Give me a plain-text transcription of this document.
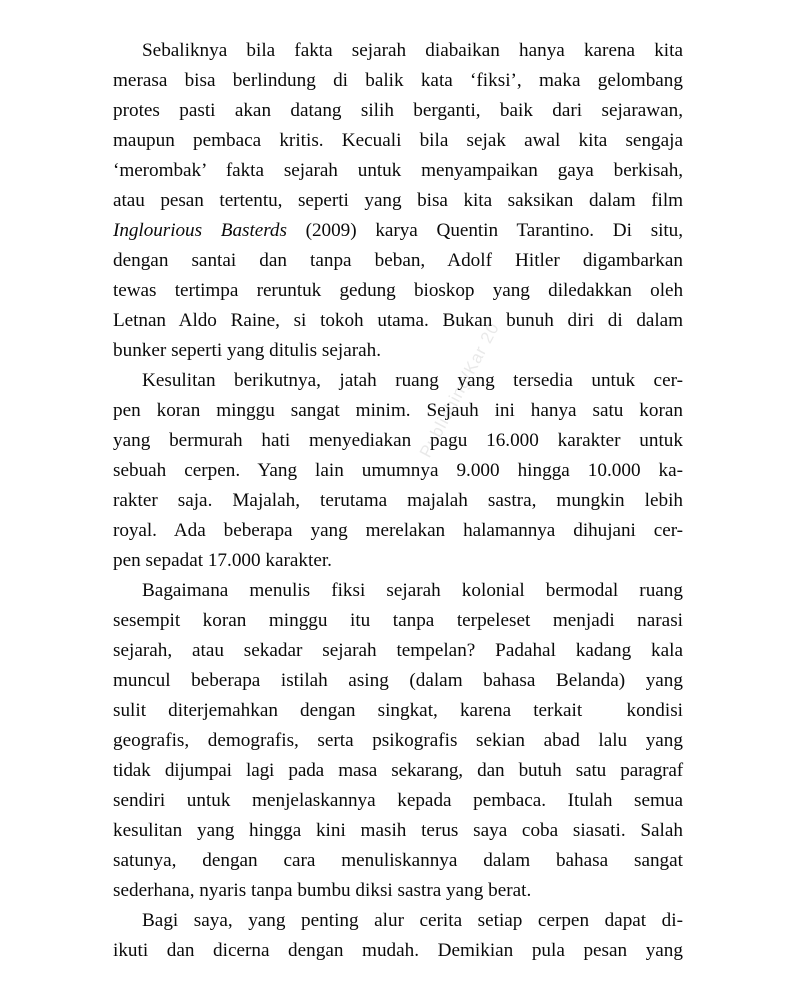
Publishing/Kar 20

Sebaliknya bila fakta sejarah diabaikan hanya karena kita
merasa bisa berlindung di balik kata ‘fiksi’, maka gelombang
protes pasti akan datang silih berganti, baik dari sejarawan,
maupun pembaca kritis. Kecuali bila sejak awal kita sengaja
‘merombak’ fakta sejarah untuk menyampaikan gaya berkisah,
atau pesan tertentu, seperti yang bisa kita saksikan dalam film
Inglourious Basterds (2009) karya Quentin Tarantino. Di situ,
dengan santai dan tanpa beban, Adolf Hitler digambarkan
tewas tertimpa reruntuk gedung bioskop yang diledakkan oleh
Letnan Aldo Raine, si tokoh utama. Bukan bunuh diri di dalam
bunker seperti yang ditulis sejarah.

Kesulitan berikutnya, jatah ruang yang tersedia untuk cer-
pen koran minggu sangat minim. Sejauh ini hanya satu koran
yang bermurah hati menyediakan pagu 16.000 karakter untuk
sebuah cerpen. Yang lain umumnya 9.000 hingga 10.000 ka-
rakter saja. Majalah, terutama majalah sastra, mungkin lebih
royal. Ada beberapa yang merelakan halamannya dihujani cer-
pen sepadat 17.000 karakter.

Bagaimana menulis fiksi sejarah kolonial bermodal ruang
sesempit koran minggu itu tanpa terpeleset menjadi narasi
sejarah, atau sekadar sejarah tempelan? Padahal kadang kala
muncul beberapa istilah asing (dalam bahasa Belanda) yang
sulit diterjemahkan dengan singkat, karena terkait  kondisi
geografis, demografis, serta psikografis sekian abad lalu yang
tidak dijumpai lagi pada masa sekarang, dan butuh satu paragraf
sendiri untuk menjelaskannya kepada pembaca. Itulah semua
kesulitan yang hingga kini masih terus saya coba siasati. Salah
satunya, dengan cara menuliskannya dalam bahasa sangat
sederhana, nyaris tanpa bumbu diksi sastra yang berat.

Bagi saya, yang penting alur cerita setiap cerpen dapat di-
ikuti dan dicerna dengan mudah. Demikian pula pesan yang
